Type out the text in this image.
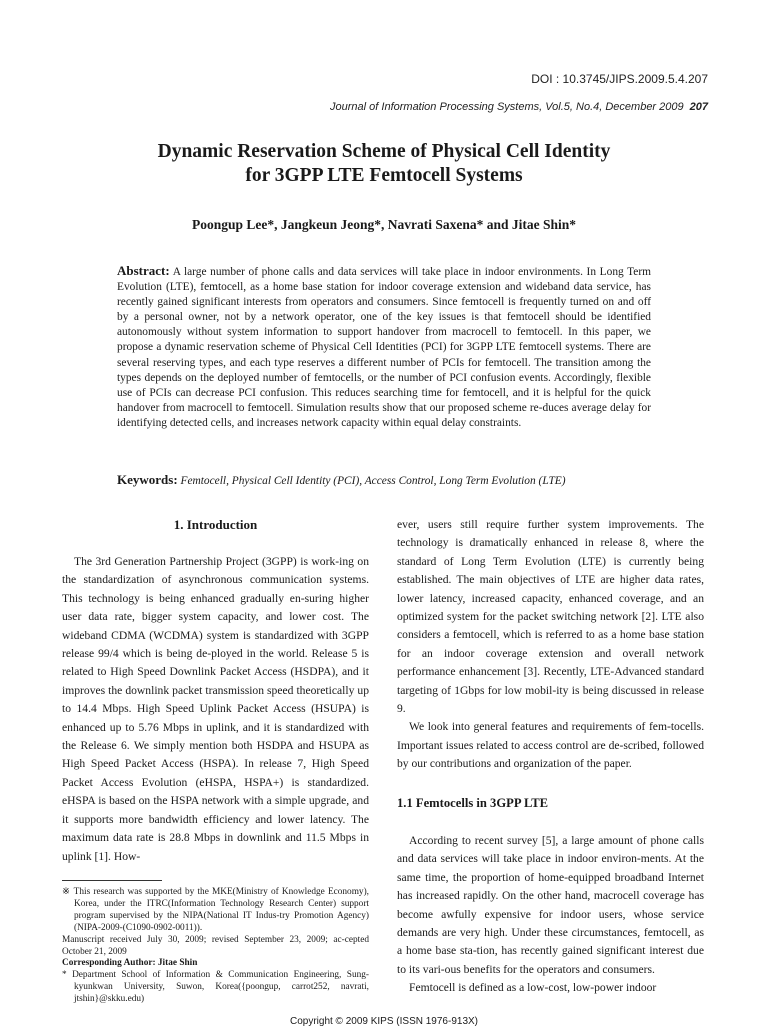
DOI : 10.3745/JIPS.2009.5.4.207
Journal of Information Processing Systems, Vol.5, No.4, December 2009 207
Dynamic Reservation Scheme of Physical Cell Identity
for 3GPP LTE Femtocell Systems
Poongup Lee*, Jangkeun Jeong*, Navrati Saxena* and Jitae Shin*
Abstract: A large number of phone calls and data services will take place in indoor environments. In Long Term Evolution (LTE), femtocell, as a home base station for indoor coverage extension and wideband data service, has recently gained significant interests from operators and consumers. Since femtocell is frequently turned on and off by a personal owner, not by a network operator, one of the key issues is that femtocell should be identified autonomously without system information to support handover from macrocell to femtocell. In this paper, we propose a dynamic reservation scheme of Physical Cell Identities (PCI) for 3GPP LTE femtocell systems. There are several reserving types, and each type reserves a different number of PCIs for femtocell. The transition among the types depends on the deployed number of femtocells, or the number of PCI confusion events. Accordingly, flexible use of PCIs can decrease PCI confusion. This reduces searching time for femtocell, and it is helpful for the quick handover from macrocell to femtocell. Simulation results show that our proposed scheme re-duces average delay for identifying detected cells, and increases network capacity within equal delay constraints.
Keywords: Femtocell, Physical Cell Identity (PCI), Access Control, Long Term Evolution (LTE)
1. Introduction

The 3rd Generation Partnership Project (3GPP) is work-ing on the standardization of asynchronous communication systems. This technology is being enhanced gradually en-suring higher user data rate, bigger system capacity, and lower cost. The wideband CDMA (WCDMA) system is standardized with 3GPP release 99/4 which is being de-ployed in the world. Release 5 is related to High Speed Downlink Packet Access (HSDPA), and it improves the downlink packet transmission speed theoretically up to 14.4 Mbps. High Speed Uplink Packet Access (HSUPA) is enhanced up to 5.76 Mbps in uplink, and it is standardized with the Release 6. We simply mention both HSDPA and HSUPA as High Speed Packet Access (HSPA). In release 7, High Speed Packet Access Evolution (eHSPA, HSPA+) is standardized. eHSPA is based on the HSPA network with a simple upgrade, and it supports more bandwidth efficiency and lower latency. The maximum data rate is 28.8 Mbps in downlink and 11.5 Mbps in uplink [1]. How-

ever, users still require further system improvements. The technology is dramatically enhanced in release 8, where the standard of Long Term Evolution (LTE) is currently being established. The main objectives of LTE are higher data rates, lower latency, increased capacity, enhanced coverage, and an optimized system for the packet switching network [2]. LTE also considers a femtocell, which is referred to as a home base station for an indoor coverage extension and overall network performance enhancement [3]. Recently, LTE-Advanced standard targeting of 1Gbps for low mobil-ity is being discussed in release 9.

We look into general features and requirements of fem-tocells. Important issues related to access control are de-scribed, followed by our contributions and organization of the paper.

1.1 Femtocells in 3GPP LTE

According to recent survey [5], a large amount of phone calls and data services will take place in indoor environ-ments. At the same time, the proportion of home-equipped broadband Internet has increased rapidly. On the other hand, macrocell coverage has become awfully expensive for indoor users, whose service demands are very high. Under these circumstances, femtocell, as a home base sta-tion, has recently gained significant interest due to its vari-ous benefits for the operators and consumers.

Femtocell is defined as a low-cost, low-power indoor

※ This research was supported by the MKE(Ministry of Knowledge Economy), Korea, under the ITRC(Information Technology Research Center) support program supervised by the NIPA(National IT Indus-try Promotion Agency) (NIPA-2009-(C1090-0902-0011)).
Manuscript received July 30, 2009; revised September 23, 2009; ac-cepted October 21, 2009
Corresponding Author: Jitae Shin
* Department School of Information & Communication Engineering, Sung-kyunkwan University, Suwon, Korea({poongup, carrot252, navrati, jtshin}@skku.edu)
Copyright © 2009 KIPS (ISSN 1976-913X)
